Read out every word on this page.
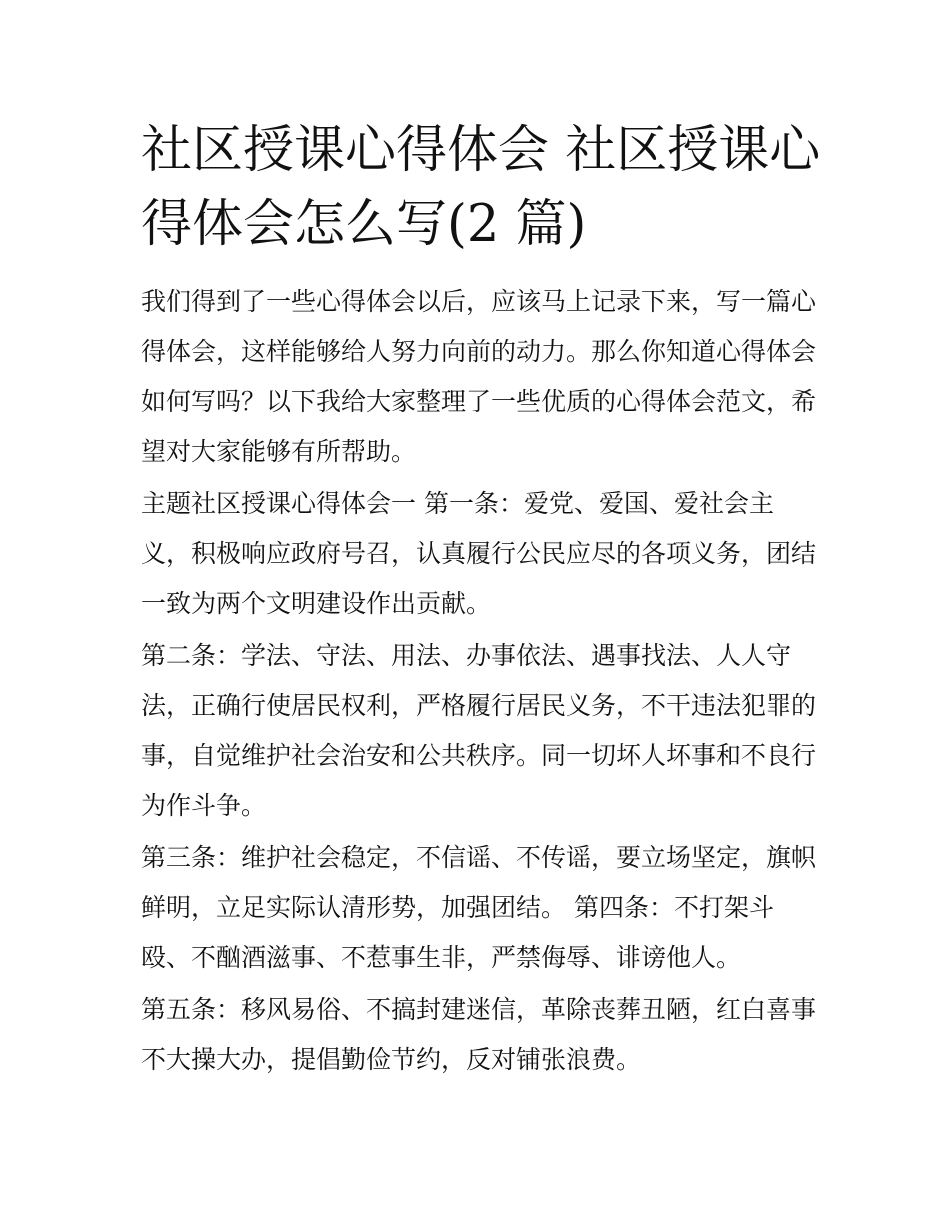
社区授课心得体会 社区授课心
得体会怎么写(2 篇)
我们得到了一些心得体会以后，应该马上记录下来，写一篇心
得体会，这样能够给人努力向前的动力。那么你知道心得体会
如何写吗？以下我给大家整理了一些优质的心得体会范文，希
望对大家能够有所帮助。
主题社区授课心得体会一 第一条：爱党、爱国、爱社会主
义，积极响应政府号召，认真履行公民应尽的各项义务，团结
一致为两个文明建设作出贡献。
第二条：学法、守法、用法、办事依法、遇事找法、人人守
法，正确行使居民权利，严格履行居民义务，不干违法犯罪的
事，自觉维护社会治安和公共秩序。同一切坏人坏事和不良行
为作斗争。
第三条：维护社会稳定，不信谣、不传谣，要立场坚定，旗帜
鲜明，立足实际认清形势，加强团结。 第四条：不打架斗
殴、不酗酒滋事、不惹事生非，严禁侮辱、诽谤他人。
第五条：移风易俗、不搞封建迷信，革除丧葬丑陋，红白喜事
不大操大办，提倡勤俭节约，反对铺张浪费。
